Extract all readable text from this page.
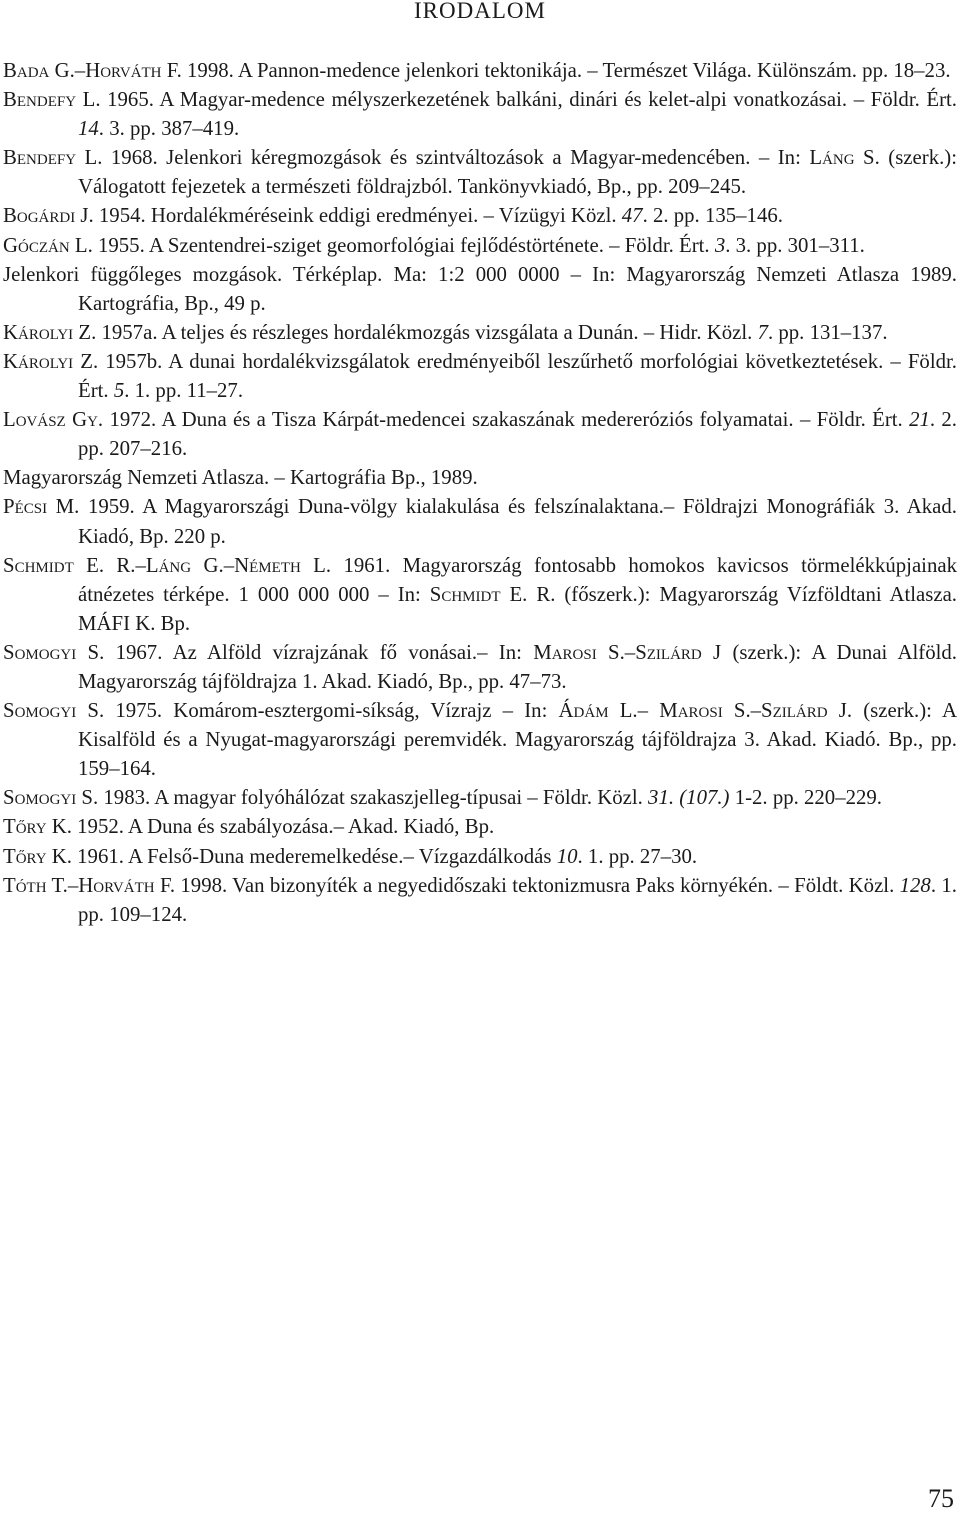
IRODALOM
Bada G.–Horváth F. 1998. A Pannon-medence jelenkori tektonikája. – Természet Világa. Különszám. pp. 18–23.
Bendefy L. 1965. A Magyar-medence mélyszerkezetének balkáni, dinári és kelet-alpi vonatkozásai. – Földr. Ért. 14. 3. pp. 387–419.
Bendefy L. 1968. Jelenkori kéregmozgások és szintváltozások a Magyar-medencében. – In: Láng S. (szerk.): Válogatott fejezetek a természeti földrajzból. Tankönyvkiadó, Bp., pp. 209–245.
Bogárdi J. 1954. Hordalékméréseink eddigi eredményei. – Vízügyi Közl. 47. 2. pp. 135–146.
Góczán L. 1955. A Szentendrei-sziget geomorfológiai fejlődéstörténete. – Földr. Ért. 3. 3. pp. 301–311.
Jelenkori függőleges mozgások. Térképlap. Ma: 1:2 000 0000 – In: Magyarország Nemzeti Atlasza 1989. Kartográfia, Bp., 49 p.
Károlyi Z. 1957a. A teljes és részleges hordalékmozgás vizsgálata a Dunán. – Hidr. Közl. 7. pp. 131–137.
Károlyi Z. 1957b. A dunai hordalékvizsgálatok eredményeiből leszűrhető morfológiai következtetések. – Földr. Ért. 5. 1. pp. 11–27.
Lovász Gy. 1972. A Duna és a Tisza Kárpát-medencei szakaszának medereróziós folyamatai. – Földr. Ért. 21. 2. pp. 207–216.
Magyarország Nemzeti Atlasza. – Kartográfia Bp., 1989.
Pécsi M. 1959. A Magyarországi Duna-völgy kialakulása és felszínalaktana.– Földrajzi Monográfiák 3. Akad. Kiadó, Bp. 220 p.
Schmidt E. R.–Láng G.–Németh L. 1961. Magyarország fontosabb homokos kavicsos törmelékkúpjainak átnézetes térképe. 1 000 000 000 – In: Schmidt E. R. (főszerk.): Magyarország Vízföldtani Atlasza. MÁFI K. Bp.
Somogyi S. 1967. Az Alföld vízrajzának fő vonásai.– In: Marosi S.–Szilárd J (szerk.): A Dunai Alföld. Magyarország tájföldrajza 1. Akad. Kiadó, Bp., pp. 47–73.
Somogyi S. 1975. Komárom-esztergomi-síkság, Vízrajz – In: Ádám L.– Marosi S.–Szilárd J. (szerk.): A Kisalföld és a Nyugat-magyarországi peremvidék. Magyarország tájföldrajza 3. Akad. Kiadó. Bp., pp. 159–164.
Somogyi S. 1983. A magyar folyóhálózat szakaszjelleg-típusai – Földr. Közl. 31. (107.) 1-2. pp. 220–229.
Tőry K. 1952. A Duna és szabályozása.– Akad. Kiadó, Bp.
Tőry K. 1961. A Felső-Duna mederemelkedése.– Vízgazdálkodás 10. 1. pp. 27–30.
Tóth T.–Horváth F. 1998. Van bizonyíték a negyedidőszaki tektonizmusra Paks környékén. – Földt. Közl. 128. 1. pp. 109–124.
75
